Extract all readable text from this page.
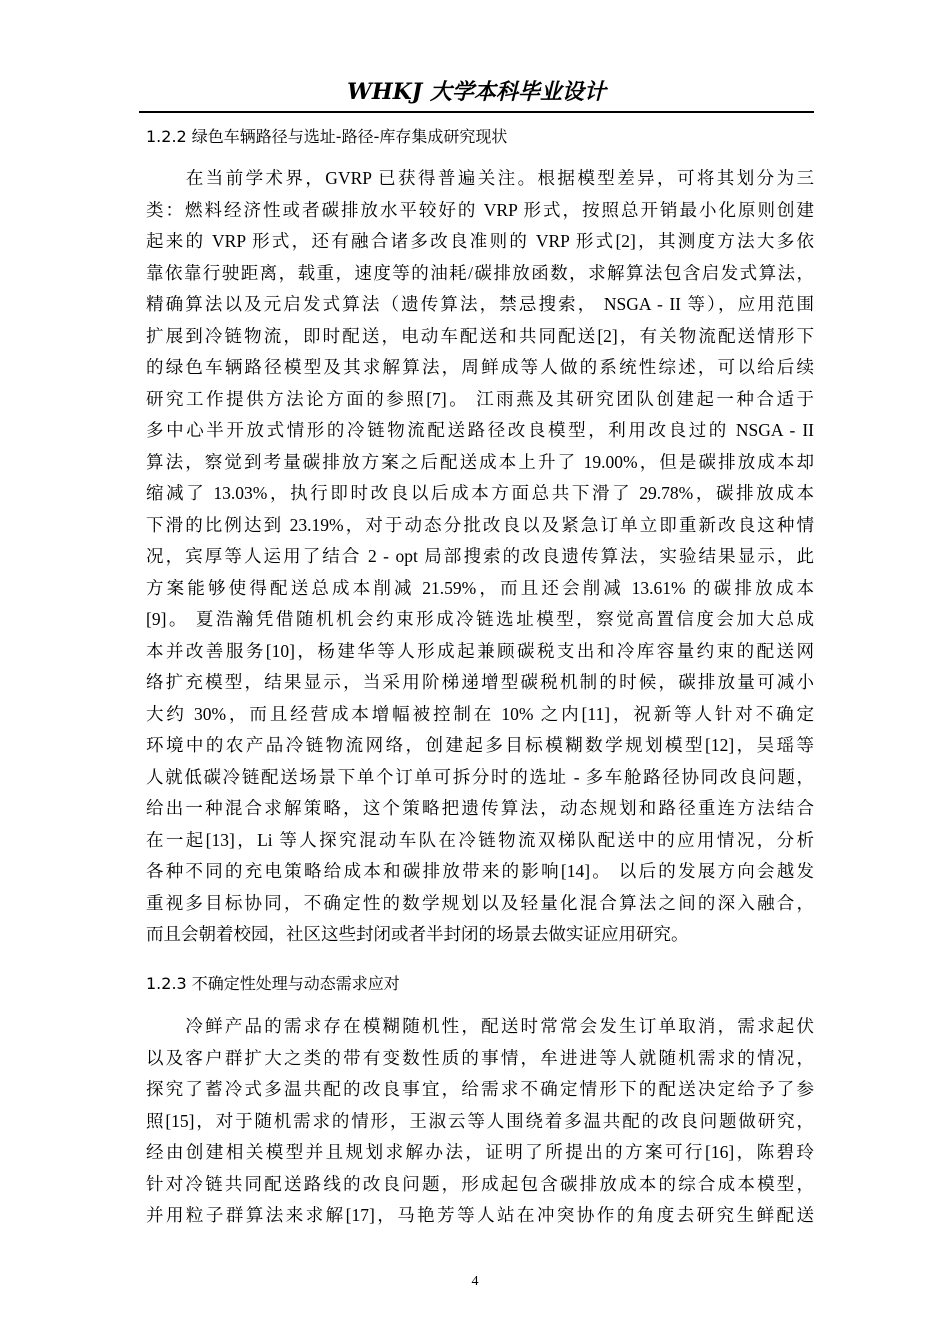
WHKJ 大学本科毕业设计
1.2.2 绿色车辆路径与选址-路径-库存集成研究现状
　　在当前学术界，GVRP 已获得普遍关注。根据模型差异，可将其划分为三
类：燃料经济性或者碳排放水平较好的 VRP 形式，按照总开销最小化原则创建
起来的 VRP 形式，还有融合诸多改良准则的 VRP 形式[2]，其测度方法大多依
靠依靠行驶距离，载重，速度等的油耗/碳排放函数，求解算法包含启发式算法，
精确算法以及元启发式算法（遗传算法，禁忌搜索， NSGA - II 等），应用范围
扩展到冷链物流，即时配送，电动车配送和共同配送[2]，有关物流配送情形下
的绿色车辆路径模型及其求解算法，周鲜成等人做的系统性综述，可以给后续
研究工作提供方法论方面的参照[7]。 江雨燕及其研究团队创建起一种合适于
多中心半开放式情形的冷链物流配送路径改良模型，利用改良过的 NSGA - II
算法，察觉到考量碳排放方案之后配送成本上升了 19.00%，但是碳排放成本却
缩减了 13.03%，执行即时改良以后成本方面总共下滑了 29.78%，碳排放成本
下滑的比例达到 23.19%，对于动态分批改良以及紧急订单立即重新改良这种情
况，宾厚等人运用了结合 2 - opt 局部搜索的改良遗传算法，实验结果显示，此
方案能够使得配送总成本削减 21.59%，而且还会削减 13.61% 的碳排放成本
[9]。 夏浩瀚凭借随机机会约束形成冷链选址模型，察觉高置信度会加大总成
本并改善服务[10]，杨建华等人形成起兼顾碳税支出和冷库容量约束的配送网
络扩充模型，结果显示，当采用阶梯递增型碳税机制的时候，碳排放量可减小
大约 30%，而且经营成本增幅被控制在 10% 之内[11]，祝新等人针对不确定
环境中的农产品冷链物流网络，创建起多目标模糊数学规划模型[12]，吴瑶等
人就低碳冷链配送场景下单个订单可拆分时的选址 - 多车舱路径协同改良问题，
给出一种混合求解策略，这个策略把遗传算法，动态规划和路径重连方法结合
在一起[13]，Li 等人探究混动车队在冷链物流双梯队配送中的应用情况，分析
各种不同的充电策略给成本和碳排放带来的影响[14]。 以后的发展方向会越发
重视多目标协同，不确定性的数学规划以及轻量化混合算法之间的深入融合，
而且会朝着校园，社区这些封闭或者半封闭的场景去做实证应用研究。
1.2.3 不确定性处理与动态需求应对
　　冷鲜产品的需求存在模糊随机性，配送时常常会发生订单取消，需求起伏
以及客户群扩大之类的带有变数性质的事情，牟进进等人就随机需求的情况，
探究了蓄冷式多温共配的改良事宜，给需求不确定情形下的配送决定给予了参
照[15]，对于随机需求的情形，王淑云等人围绕着多温共配的改良问题做研究，
经由创建相关模型并且规划求解办法，证明了所提出的方案可行[16]，陈碧玲
针对冷链共同配送路线的改良问题，形成起包含碳排放成本的综合成本模型，
并用粒子群算法来求解[17]，马艳芳等人站在冲突协作的角度去研究生鲜配送
4
